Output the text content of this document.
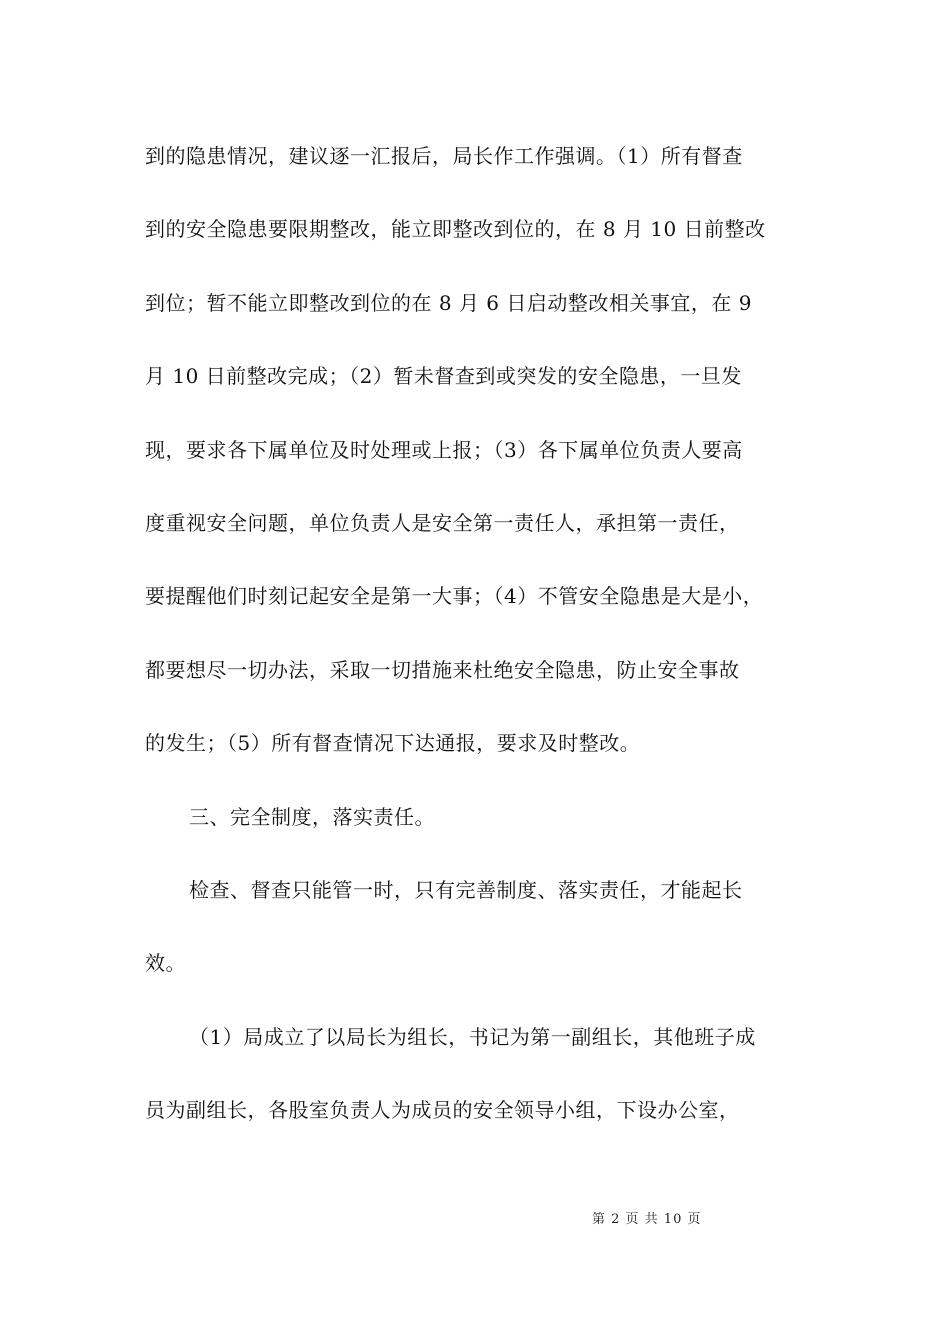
到的隐患情况，建议逐一汇报后，局长作工作强调。（1）所有督查
到的安全隐患要限期整改，能立即整改到位的，在 8 月 10 日前整改
到位；暂不能立即整改到位的在 8 月 6 日启动整改相关事宜，在 9
月 10 日前整改完成；（2）暂未督查到或突发的安全隐患，一旦发
现，要求各下属单位及时处理或上报；（3）各下属单位负责人要高
度重视安全问题，单位负责人是安全第一责任人，承担第一责任，
要提醒他们时刻记起安全是第一大事；（4）不管安全隐患是大是小，
都要想尽一切办法，采取一切措施来杜绝安全隐患，防止安全事故
的发生；（5）所有督查情况下达通报，要求及时整改。
三、完全制度，落实责任。
检查、督查只能管一时，只有完善制度、落实责任，才能起长
效。
（1）局成立了以局长为组长，书记为第一副组长，其他班子成
员为副组长，各股室负责人为成员的安全领导小组，下设办公室，
第 2 页 共 10 页
